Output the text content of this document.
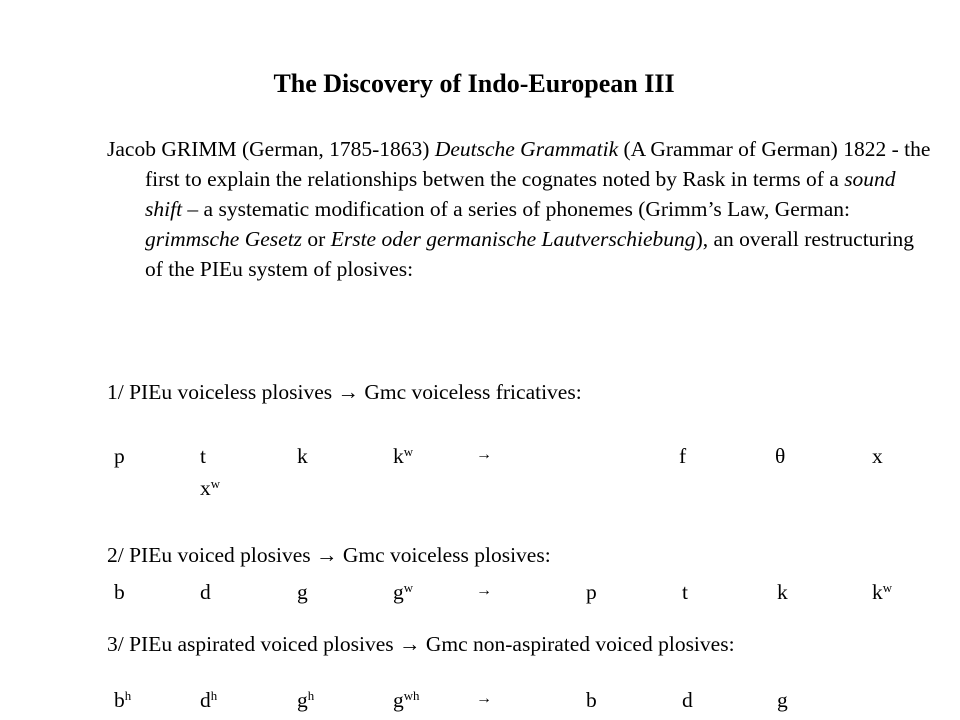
The Discovery of Indo-European III
Jacob GRIMM (German, 1785-1863) Deutsche Grammatik (A Grammar of German) 1822 - the first to explain the relationships betwen the cognates noted by Rask in terms of a sound shift – a systematic modification of a series of phonemes (Grimm’s Law, German: grimmsche Gesetz or Erste oder germanische Lautverschiebung), an overall restructuring of the PIEu system of plosives:
1/ PIEu voiceless plosives → Gmc voiceless fricatives:
p	t	k	$k^w$	→	f	θ	x
$x^w$
2/ PIEu voiced plosives → Gmc voiceless plosives:
b	d	g	$g^w$	→	p	t	k	$k^w$
3/ PIEu aspirated voiced plosives → Gmc non-aspirated voiced plosives:
$b^h$	$d^h$	$g^h$	$g^{wh}$	→	b	d	g
